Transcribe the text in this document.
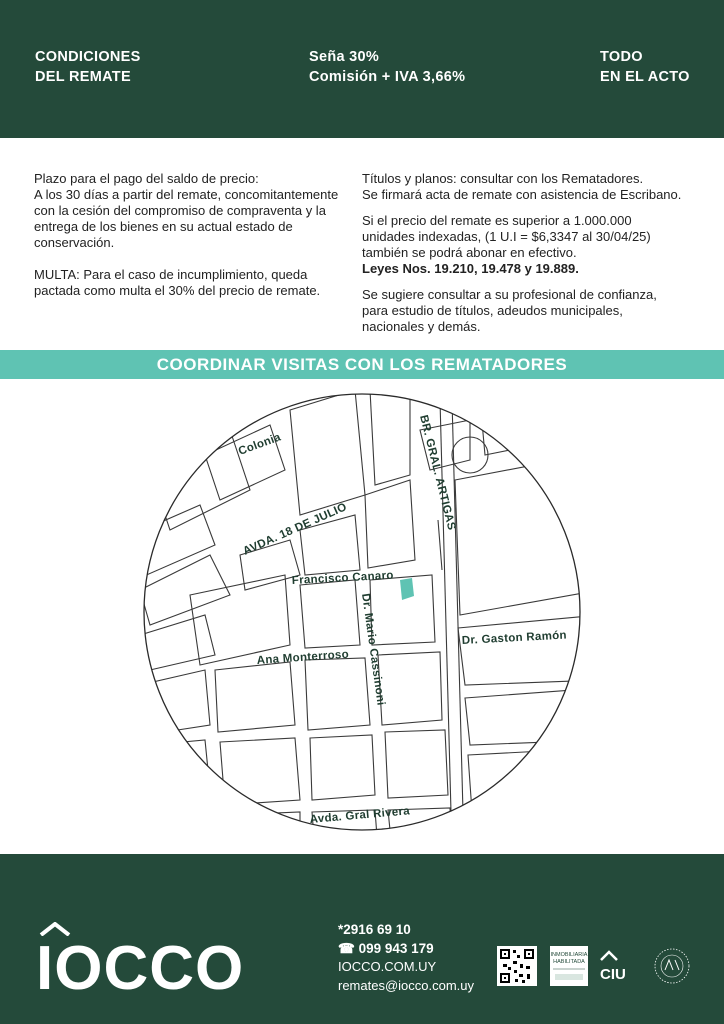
CONDICIONES
DEL REMATE
Seña 30%
Comisión + IVA 3,66%
TODO
EN EL ACTO

Plazo para el pago del saldo de precio:

A los 30 días a partir del remate, concomitantemente

con la cesión del compromiso de compraventa y la

entrega de los bienes en su actual estado de

conservación.

MULTA: Para el caso de incumplimiento, queda

pactada como multa el 30% del precio de remate.

Títulos y planos: consultar con los Rematadores.

Se firmará acta de remate con asistencia de Escribano.

Si el precio del remate es superior a 1.000.000

unidades indexadas, (1 U.I = $6,3347 al 30/04/25)

también se podrá abonar en efectivo.

Leyes Nos. 19.210, 19.478 y 19.889.

Se sugiere consultar a su profesional de confianza,

para estudio de títulos, adeudos municipales,

nacionales y demás.

COORDINAR VISITAS CON LOS REMATADORES
Colonia
AVDA. 18 DE JULIO	BR. GRAL. ARTIGAS
Francisco Canaro
Dr. Mario Cassinoni	Dr. Gaston Ramón
Ana Monterroso
Avda. Gral Rivera
IOCCO
*2916 69 10
☎ 099 943 179
IOCCO.COM.UY
remates@iocco.com.uy
INMOBILIARIA
HABILITADA
CIU
